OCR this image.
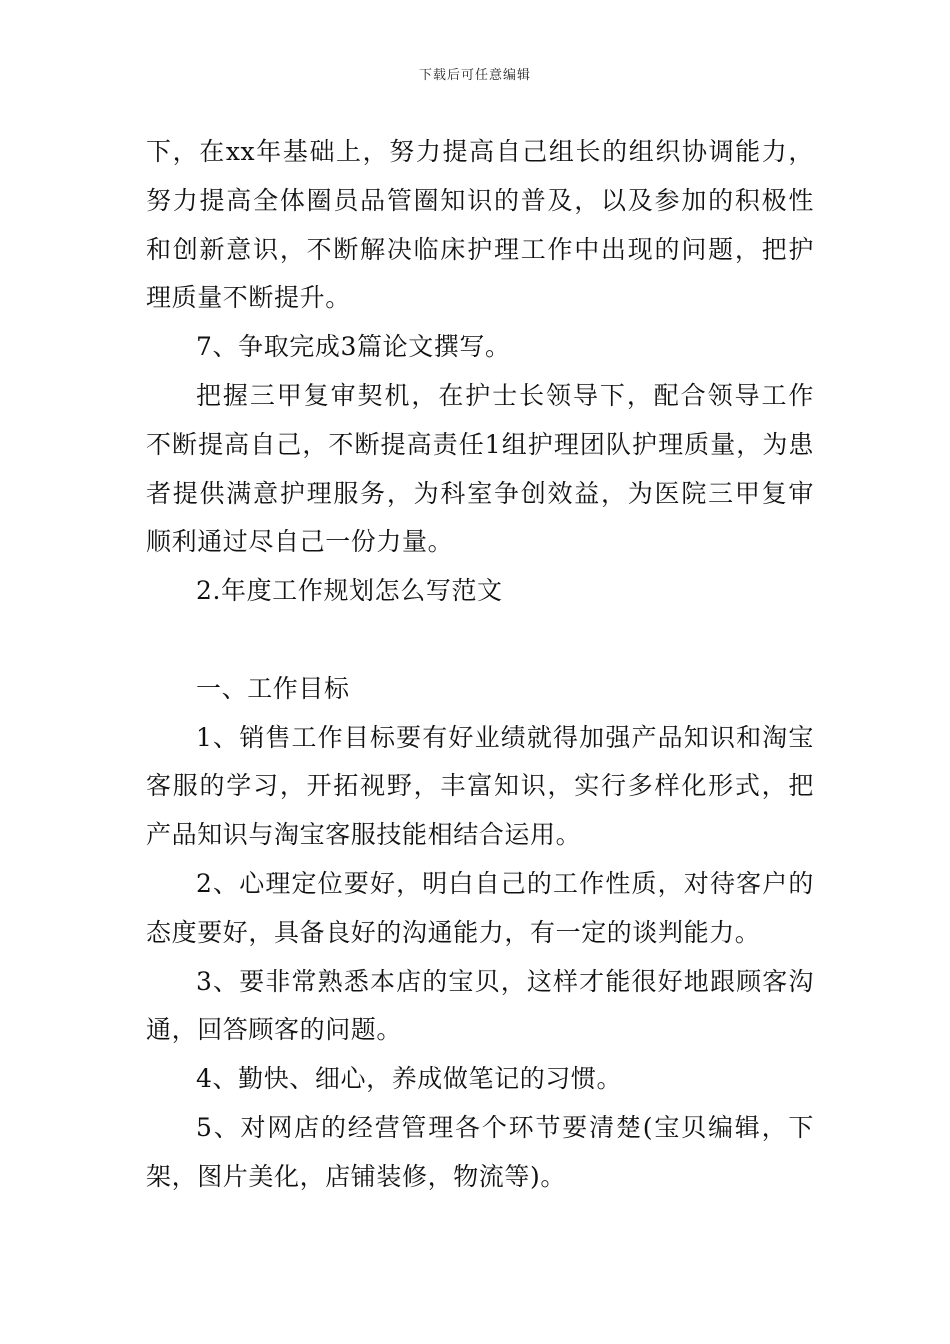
下载后可任意编辑
下，在xx年基础上，努力提高自己组长的组织协调能力，
努力提高全体圈员品管圈知识的普及，以及参加的积极性
和创新意识，不断解决临床护理工作中出现的问题，把护
理质量不断提升。
7、争取完成3篇论文撰写。
把握三甲复审契机，在护士长领导下，配合领导工作
不断提高自己，不断提高责任1组护理团队护理质量，为患
者提供满意护理服务，为科室争创效益，为医院三甲复审
顺利通过尽自己一份力量。
2.年度工作规划怎么写范文
一、工作目标
1、销售工作目标要有好业绩就得加强产品知识和淘宝
客服的学习，开拓视野，丰富知识，实行多样化形式，把
产品知识与淘宝客服技能相结合运用。
2、心理定位要好，明白自己的工作性质，对待客户的
态度要好，具备良好的沟通能力，有一定的谈判能力。
3、要非常熟悉本店的宝贝，这样才能很好地跟顾客沟
通，回答顾客的问题。
4、勤快、细心，养成做笔记的习惯。
5、对网店的经营管理各个环节要清楚(宝贝编辑，下
架，图片美化，店铺装修，物流等)。
